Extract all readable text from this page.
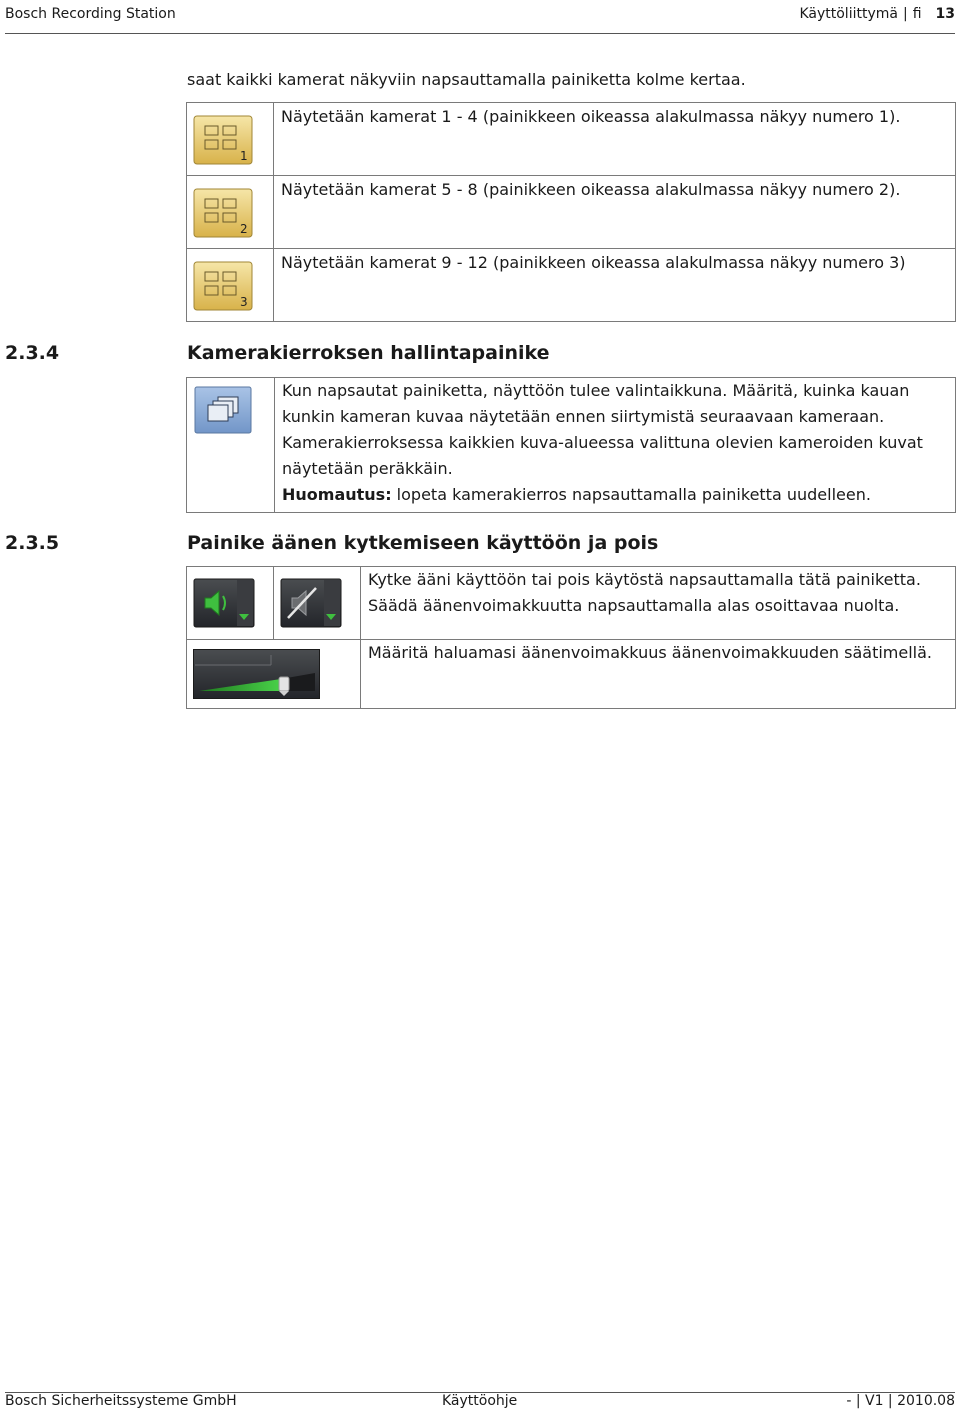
Bosch Recording Station	Käyttöliittymä | fi 13
saat kaikki kamerat näkyviin napsauttamalla painiketta kolme kertaa.
1	Näytetään kamerat 1 - 4 (painikkeen oikeassa alakulmassa näkyy numero 1).

2	Näytetään kamerat 5 - 8 (painikkeen oikeassa alakulmassa näkyy numero 2).

3	Näytetään kamerat 9 - 12 (painikkeen oikeassa alakulmassa näkyy numero 3)
2.3.4	Kamerakierroksen hallintapainike

Kun napsautat painiketta, näyttöön tulee valintaikkuna. Määritä, kuinka kauan
kunkin kameran kuvaa näytetään ennen siirtymistä seuraavaan kameraan.
Kamerakierroksessa kaikkien kuva-alueessa valittuna olevien kameroiden kuvat
näytetään peräkkäin.
Huomautus: lopeta kamerakierros napsauttamalla painiketta uudelleen.
2.3.5	Painike äänen kytkemiseen käyttöön ja pois

Kytke ääni käyttöön tai pois käytöstä napsauttamalla tätä painiketta.
Säädä äänenvoimakkuutta napsauttamalla alas osoittavaa nuolta.

Määritä haluamasi äänenvoimakkuus äänenvoimakkuuden säätimellä.
Bosch Sicherheitssysteme GmbH	Käyttöohje	- | V1 | 2010.08
